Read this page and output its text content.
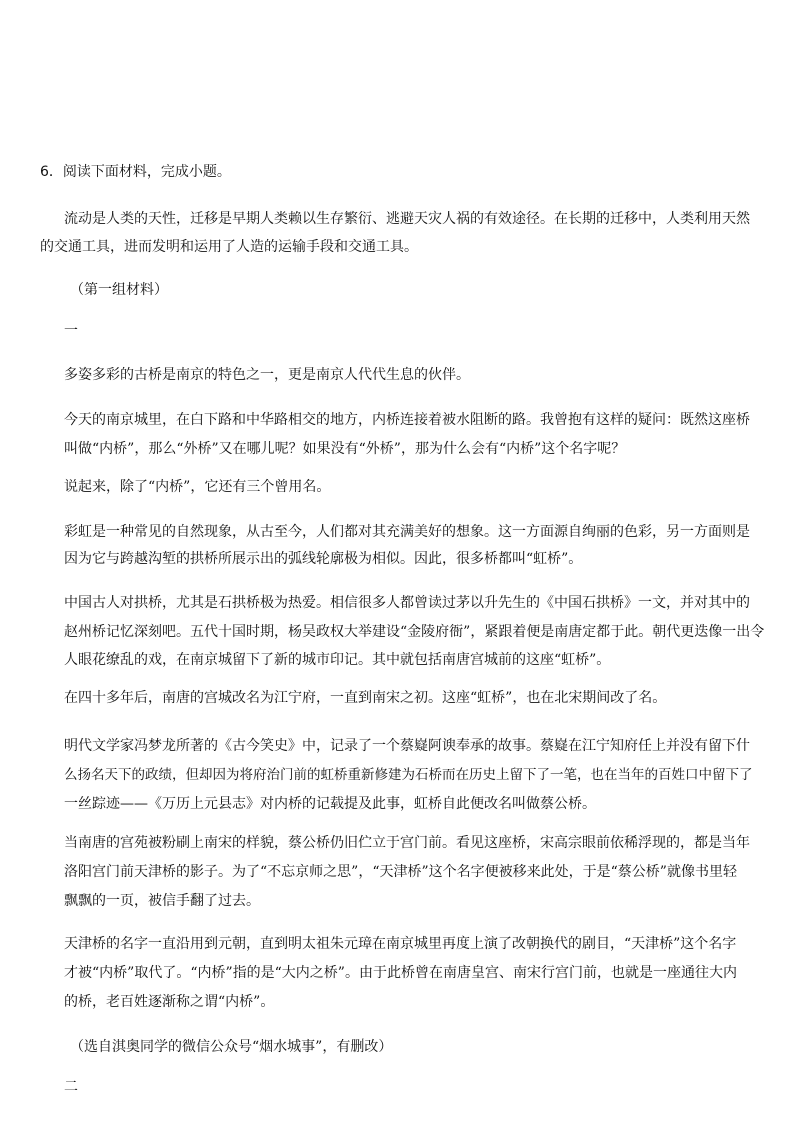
6．阅读下面材料，完成小题。
流动是人类的天性，迁移是早期人类赖以生存繁衍、逃避天灾人祸的有效途径。在长期的迁移中，人类利用天然
的交通工具，进而发明和运用了人造的运输手段和交通工具。
（第一组材料）
一
多姿多彩的古桥是南京的特色之一，更是南京人代代生息的伙伴。
今天的南京城里，在白下路和中华路相交的地方，内桥连接着被水阻断的路。我曾抱有这样的疑问：既然这座桥
叫做“内桥”，那么“外桥”又在哪儿呢？如果没有“外桥”，那为什么会有“内桥”这个名字呢？
说起来，除了“内桥”，它还有三个曾用名。
彩虹是一种常见的自然现象，从古至今，人们都对其充满美好的想象。这一方面源自绚丽的色彩，另一方面则是
因为它与跨越沟堑的拱桥所展示出的弧线轮廓极为相似。因此，很多桥都叫“虹桥”。
中国古人对拱桥，尤其是石拱桥极为热爱。相信很多人都曾读过茅以升先生的《中国石拱桥》一文，并对其中的
赵州桥记忆深刻吧。五代十国时期，杨吴政权大举建设“金陵府衙”，紧跟着便是南唐定都于此。朝代更迭像一出令
人眼花缭乱的戏，在南京城留下了新的城市印记。其中就包括南唐宫城前的这座“虹桥”。
在四十多年后，南唐的宫城改名为江宁府，一直到南宋之初。这座“虹桥”，也在北宋期间改了名。
明代文学家冯梦龙所著的《古今笑史》中，记录了一个蔡嶷阿谀奉承的故事。蔡嶷在江宁知府任上并没有留下什
么扬名天下的政绩，但却因为将府治门前的虹桥重新修建为石桥而在历史上留下了一笔，也在当年的百姓口中留下了
一丝踪迹——《万历上元县志》对内桥的记载提及此事，虹桥自此便改名叫做蔡公桥。
当南唐的宫苑被粉刷上南宋的样貌，蔡公桥仍旧伫立于宫门前。看见这座桥，宋高宗眼前依稀浮现的，都是当年
洛阳宫门前天津桥的影子。为了“不忘京师之思”，“天津桥”这个名字便被移来此处，于是“蔡公桥”就像书里轻
飘飘的一页，被信手翻了过去。
天津桥的名字一直沿用到元朝，直到明太祖朱元璋在南京城里再度上演了改朝换代的剧目，“天津桥”这个名字
才被“内桥”取代了。“内桥”指的是“大内之桥”。由于此桥曾在南唐皇宫、南宋行宫门前，也就是一座通往大内
的桥，老百姓逐渐称之谓“内桥”。
（选自淇奥同学的微信公众号“烟水城事”，有删改）
二
